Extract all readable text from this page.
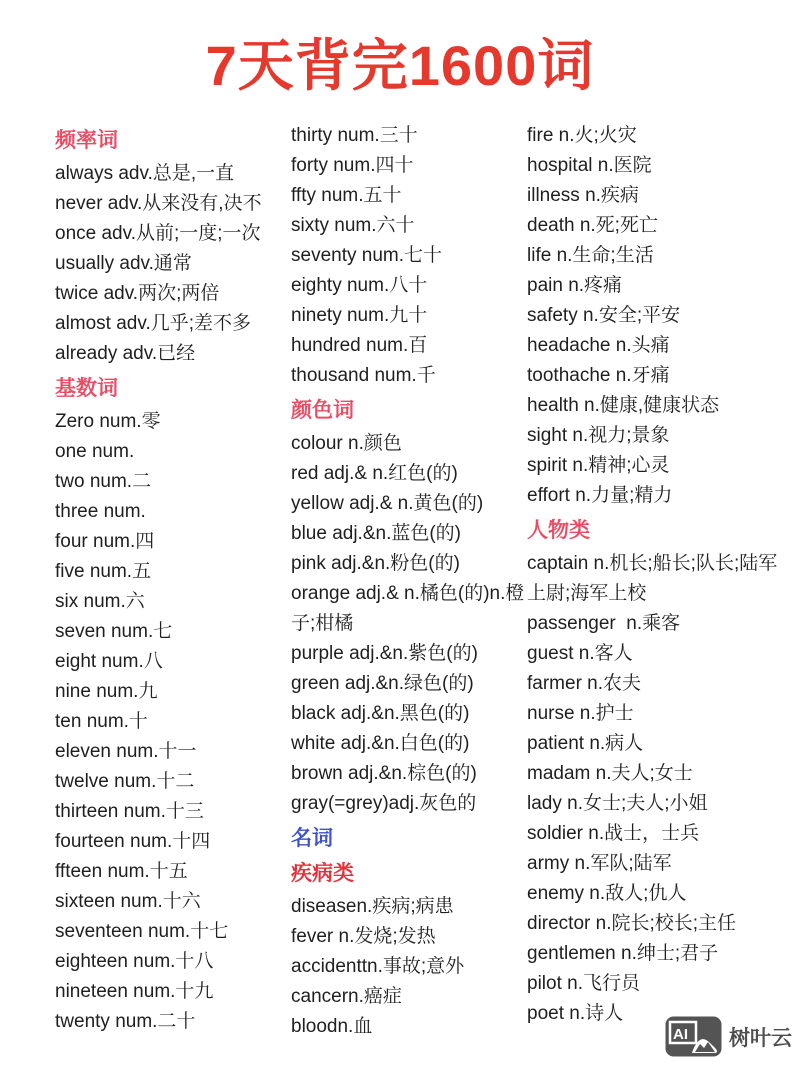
7天背完1600词
频率词
always adv.总是,一直
never adv.从来没有,决不
once adv.从前;一度;一次
usually adv.通常
twice adv.两次;两倍
almost adv.几乎;差不多
already adv.已经
基数词
Zero num.零
one num.
two num.二
three num.
four num.四
five num.五
six num.六
seven num.七
eight num.八
nine num.九
ten num.十
eleven num.十一
twelve num.十二
thirteen num.十三
fourteen num.十四
ffteen num.十五
sixteen num.十六
seventeen num.十七
eighteen num.十八
nineteen num.十九
twenty num.二十
thirty num.三十
forty num.四十
ffty num.五十
sixty num.六十
seventy num.七十
eighty num.八十
ninety num.九十
hundred num.百
thousand num.千
颜色词
colour n.颜色
red adj.& n.红色(的)
yellow adj.& n.黄色(的)
blue adj.&n.蓝色(的)
pink adj.&n.粉色(的)
orange adj.& n.橘色(的)n.橙子;柑橘
purple adj.&n.紫色(的)
green adj.&n.绿色(的)
black adj.&n.黑色(的)
white adj.&n.白色(的)
brown adj.&n.棕色(的)
gray(=grey)adj.灰色的
名词
疾病类
diseasen.疾病;病患
fever n.发烧;发热
accidenttn.事故;意外
cancern.癌症
bloodn.血
fire n.火;火灾
hospital n.医院
illness n.疾病
death n.死;死亡
life n.生命;生活
pain n.疼痛
safety n.安全;平安
headache n.头痛
toothache n.牙痛
health n.健康,健康状态
sight n.视力;景象
spirit n.精神;心灵
effort n.力量;精力
人物类
captain n.机长;船长;队长;陆军上尉;海军上校
passenger  n.乘客
guest n.客人
farmer n.农夫
nurse n.护士
patient n.病人
madam n.夫人;女士
lady n.女士;夫人;小姐
soldier n.战士，士兵
army n.军队;陆军
enemy n.敌人;仇人
director n.院长;校长;主任
gentlemen n.绅士;君子
pilot n.飞行员
poet n.诗人
AI 树叶云
